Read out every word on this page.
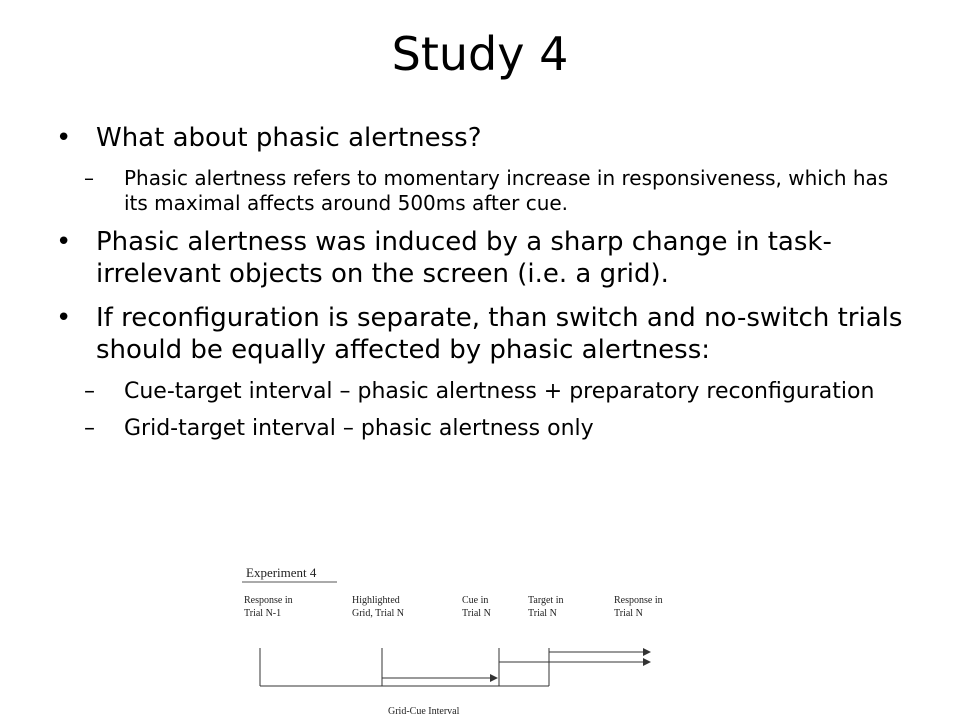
Study 4
• What about phasic alertness?
– Phasic alertness refers to momentary increase in responsiveness, which has its maximal affects around 500ms after cue.
• Phasic alertness was induced by a sharp change in task-irrelevant objects on the screen (i.e. a grid).
• If reconfiguration is separate, than switch and no-switch trials should be equally affected by phasic alertness:
– Cue-target interval – phasic alertness + preparatory reconfiguration
– Grid-target interval – phasic alertness only
Experiment 4
Response in Trial N-1
Highlighted Grid, Trial N
Cue in Trial N
Target in Trial N
Response in Trial N
Grid-Cue Interval
